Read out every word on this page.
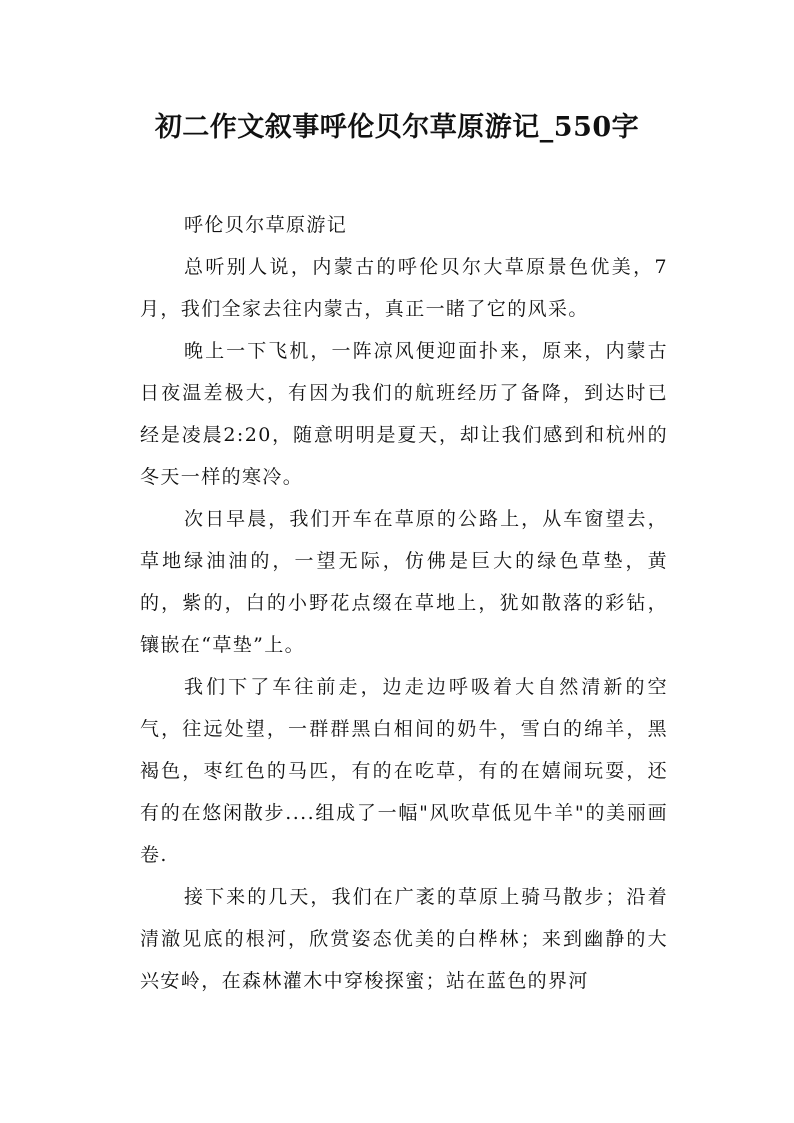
初二作文叙事呼伦贝尔草原游记_550字

呼伦贝尔草原游记

总听别人说，内蒙古的呼伦贝尔大草原景色优美，7月，我们全家去往内蒙古，真正一睹了它的风采。

晚上一下飞机，一阵凉风便迎面扑来，原来，内蒙古日夜温差极大，有因为我们的航班经历了备降，到达时已经是凌晨2:20，随意明明是夏天，却让我们感到和杭州的冬天一样的寒冷。

次日早晨，我们开车在草原的公路上，从车窗望去，草地绿油油的，一望无际，仿佛是巨大的绿色草垫，黄的，紫的，白的小野花点缀在草地上，犹如散落的彩钻，镶嵌在“草垫”上。

我们下了车往前走，边走边呼吸着大自然清新的空气，往远处望，一群群黑白相间的奶牛，雪白的绵羊，黑褐色，枣红色的马匹，有的在吃草，有的在嬉闹玩耍，还有的在悠闲散步....组成了一幅"风吹草低见牛羊"的美丽画卷.

接下来的几天，我们在广袤的草原上骑马散步；沿着清澈见底的根河，欣赏姿态优美的白桦林；来到幽静的大兴安岭，在森林灌木中穿梭探蜜；站在蓝色的界河
